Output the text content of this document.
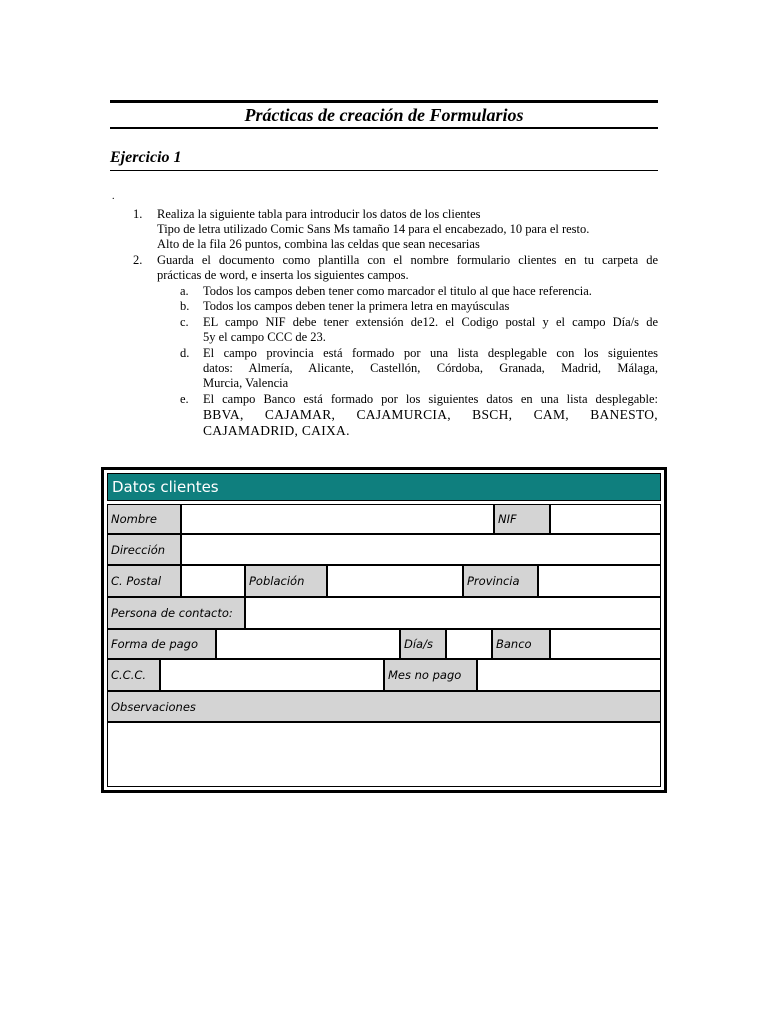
Prácticas de creación de Formularios
Ejercicio 1
.
1. Realiza la siguiente tabla para introducir los datos de los clientes
Tipo de letra utilizado Comic Sans Ms tamaño 14 para el encabezado, 10 para el resto.
Alto de la fila 26 puntos, combina las celdas que sean necesarias
2. Guarda el documento como plantilla con el nombre formulario clientes en tu carpeta de
prácticas de word, e inserta los siguientes campos.
a. Todos los campos deben tener como marcador el titulo al que hace referencia.
b. Todos los campos deben tener la primera letra en mayúsculas
c. EL campo NIF debe tener extensión de12. el Codigo postal y el campo Día/s de
5y el campo CCC de 23.
d. El campo provincia está formado por una lista desplegable con los siguientes
datos: Almería, Alicante, Castellón, Córdoba, Granada, Madrid, Málaga,
Murcia, Valencia
e. El campo Banco está formado por los siguientes datos en una lista desplegable:
BBVA, CAJAMAR, CAJAMURCIA, BSCH, CAM, BANESTO,
CAJAMADRID, CAIXA.
Datos clientes
Nombre	NIF
Dirección
C. Postal	Población	Provincia
Persona de contacto:
Forma de pago	Día/s	Banco
C.C.C.	Mes no pago
Observaciones
